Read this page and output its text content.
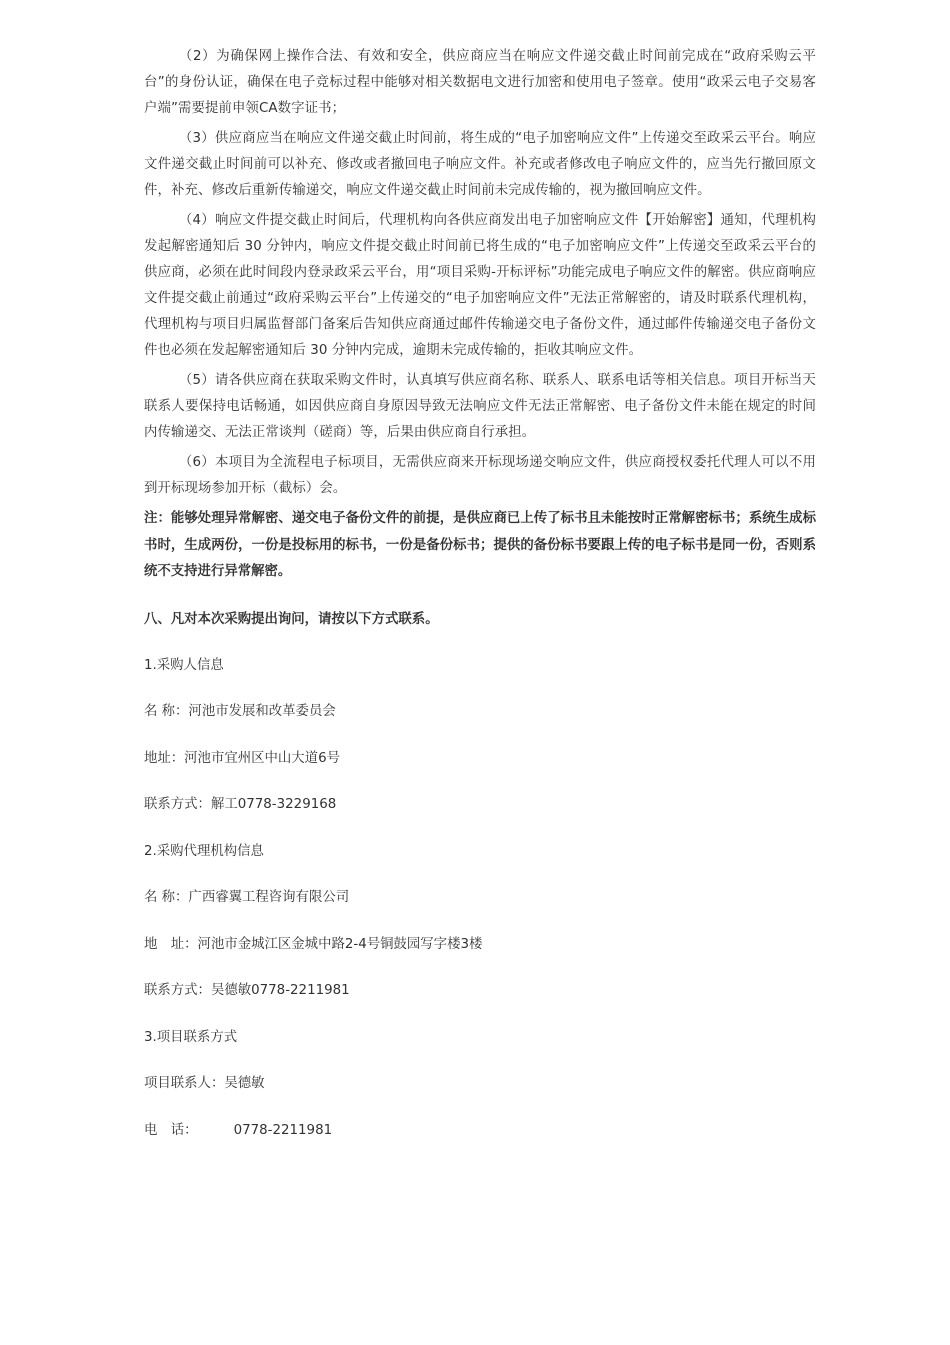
（2）为确保网上操作合法、有效和安全，供应商应当在响应文件递交截止时间前完成在“政府采购云平台”的身份认证，确保在电子竞标过程中能够对相关数据电文进行加密和使用电子签章。使用“政采云电子交易客户端”需要提前申领CA数字证书；

（3）供应商应当在响应文件递交截止时间前，将生成的“电子加密响应文件”上传递交至政采云平台。响应文件递交截止时间前可以补充、修改或者撤回电子响应文件。补充或者修改电子响应文件的，应当先行撤回原文件，补充、修改后重新传输递交，响应文件递交截止时间前未完成传输的，视为撤回响应文件。

（4）响应文件提交截止时间后，代理机构向各供应商发出电子加密响应文件【开始解密】通知，代理机构发起解密通知后 30 分钟内，响应文件提交截止时间前已将生成的“电子加密响应文件”上传递交至政采云平台的供应商，必须在此时间段内登录政采云平台，用“项目采购-开标评标”功能完成电子响应文件的解密。供应商响应文件提交截止前通过“政府采购云平台”上传递交的“电子加密响应文件”无法正常解密的，请及时联系代理机构，代理机构与项目归属监督部门备案后告知供应商通过邮件传输递交电子备份文件，通过邮件传输递交电子备份文件也必须在发起解密通知后 30 分钟内完成，逾期未完成传输的，拒收其响应文件。

（5）请各供应商在获取采购文件时，认真填写供应商名称、联系人、联系电话等相关信息。项目开标当天联系人要保持电话畅通，如因供应商自身原因导致无法响应文件无法正常解密、电子备份文件未能在规定的时间内传输递交、无法正常谈判（磋商）等，后果由供应商自行承担。

（6）本项目为全流程电子标项目，无需供应商来开标现场递交响应文件，供应商授权委托代理人可以不用到开标现场参加开标（截标）会。

注：能够处理异常解密、递交电子备份文件的前提，是供应商已上传了标书且未能按时正常解密标书；系统生成标书时，生成两份，一份是投标用的标书，一份是备份标书；提供的备份标书要跟上传的电子标书是同一份，否则系统不支持进行异常解密。

八、凡对本次采购提出询问，请按以下方式联系。
1.采购人信息
名 称：河池市发展和改革委员会
地址：河池市宜州区中山大道6号
联系方式：解工0778-3229168
2.采购代理机构信息
名 称：广西睿翼工程咨询有限公司
地　址：河池市金城江区金城中路2-4号铜鼓园写字楼3楼
联系方式：吴德敏0778-2211981
3.项目联系方式
项目联系人：吴德敏
电　话：	0778-2211981
